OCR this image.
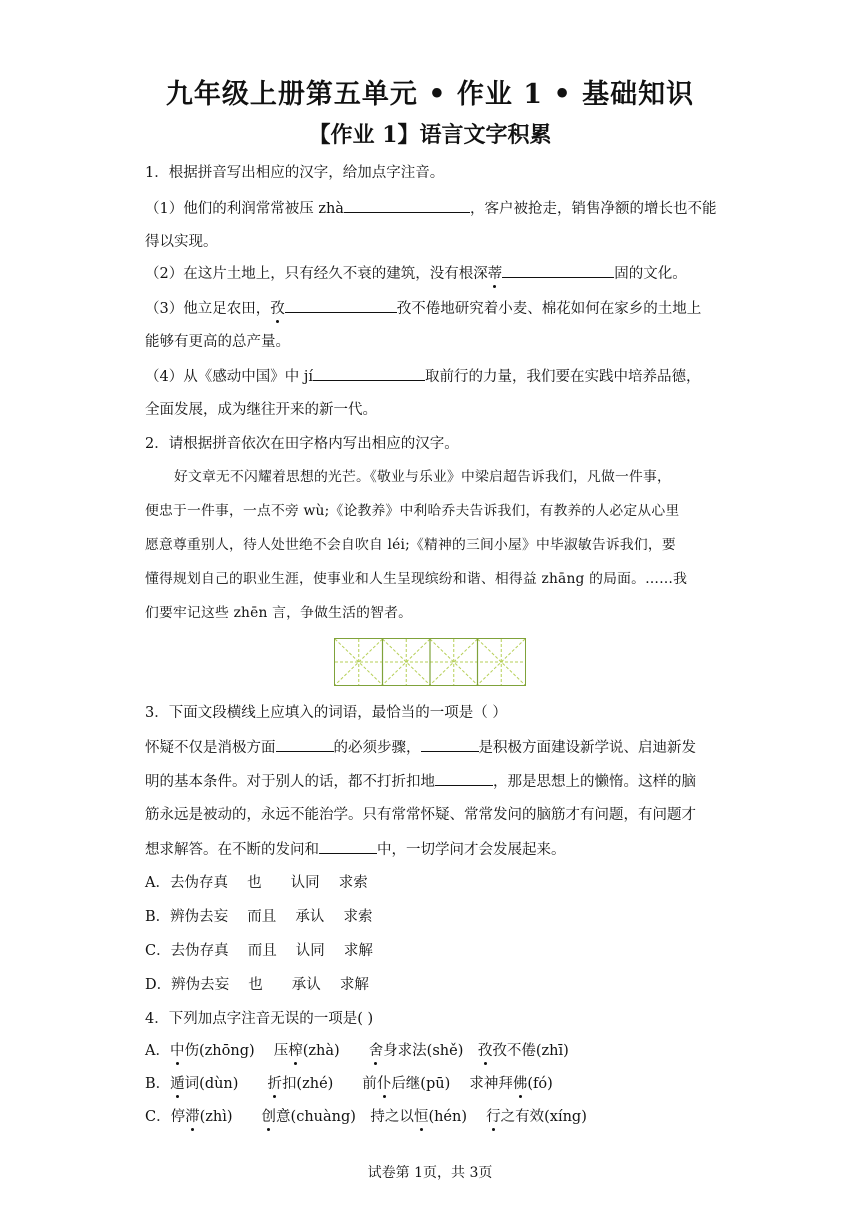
九年级上册第五单元 • 作业 1 • 基础知识
【作业 1】语言文字积累
1．根据拼音写出相应的汉字，给加点字注音。
（1）他们的利润常常被压 zhà	，客户被抢走，销售净额的增长也不能
得以实现。
（2）在这片土地上，只有经久不衰的建筑，没有根深蒂	固的文化。
（3）他立足农田，孜	孜不倦地研究着小麦、棉花如何在家乡的土地上
能够有更高的总产量。
（4）从《感动中国》中 jí	取前行的力量，我们要在实践中培养品德，
全面发展，成为继往开来的新一代。
2．请根据拼音依次在田字格内写出相应的汉字。
好文章无不闪耀着思想的光芒。《敬业与乐业》中梁启超告诉我们，凡做一件事，
便忠于一件事，一点不旁 wù;《论教养》中利哈乔夫告诉我们，有教养的人必定从心里
愿意尊重别人，待人处世绝不会自吹自 léi;《精神的三间小屋》中毕淑敏告诉我们，要
懂得规划自己的职业生涯，使事业和人生呈现缤纷和谐、相得益 zhāng 的局面。……我
们要牢记这些 zhēn 言，争做生活的智者。
3．下面文段横线上应填入的词语，最恰当的一项是（ ）
怀疑不仅是消极方面	的必须步骤，	是积极方面建设新学说、启迪新发
明的基本条件。对于别人的话，都不打折扣地	，那是思想上的懒惰。这样的脑
筋永远是被动的，永远不能治学。只有常常怀疑、常常发问的脑筋才有问题，有问题才
想求解答。在不断的发问和	中，一切学问才会发展起来。
A．去伪存真　 也　　认同　 求索
B．辨伪去妄　 而且　 承认　 求索
C．去伪存真　 而且　 认同　 求解
D．辨伪去妄　 也　　承认　 求解
4．下列加点字注音无误的一项是( )
A．中伤(zhōng)　 压榨(zhà)　　舍身求法(shě)　孜孜不倦(zhī)
B．遁词(dùn)　　折扣(zhé)　　前仆后继(pū)　 求神拜佛(fó)
C．停滞(zhì)　　创意(chuàng)　持之以恒(hén)　 行之有效(xíng)
试卷第 1页，共 3页
